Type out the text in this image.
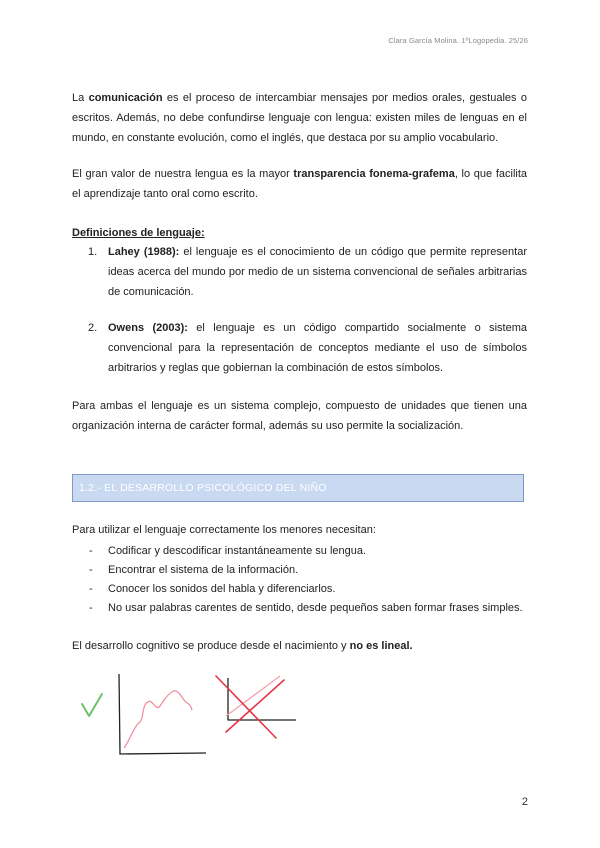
Clara García Molina. 1ºLogopedia. 25/26

La comunicación es el proceso de intercambiar mensajes por medios orales, gestuales o escritos. Además, no debe confundirse lenguaje con lengua: existen miles de lenguas en el mundo, en constante evolución, como el inglés, que destaca por su amplio vocabulario.

El gran valor de nuestra lengua es la mayor transparencia fonema-grafema, lo que facilita el aprendizaje tanto oral como escrito.

Definiciones de lenguaje:
1. Lahey (1988): el lenguaje es el conocimiento de un código que permite representar ideas acerca del mundo por medio de un sistema convencional de señales arbitrarias de comunicación.
2. Owens (2003): el lenguaje es un código compartido socialmente o sistema convencional para la representación de conceptos mediante el uso de símbolos arbitrarios y reglas que gobiernan la combinación de estos símbolos.

Para ambas el lenguaje es un sistema complejo, compuesto de unidades que tienen una organización interna de carácter formal, además su uso permite la socialización.

1.2.- EL DESARROLLO PSICOLÓGICO DEL NIÑO

Para utilizar el lenguaje correctamente los menores necesitan:

- Codificar y descodificar instantáneamente su lengua.
- Encontrar el sistema de la información.
- Conocer los sonidos del habla y diferenciarlos.
- No usar palabras carentes de sentido, desde pequeños saben formar frases simples.

El desarrollo cognitivo se produce desde el nacimiento y no es lineal.

2
